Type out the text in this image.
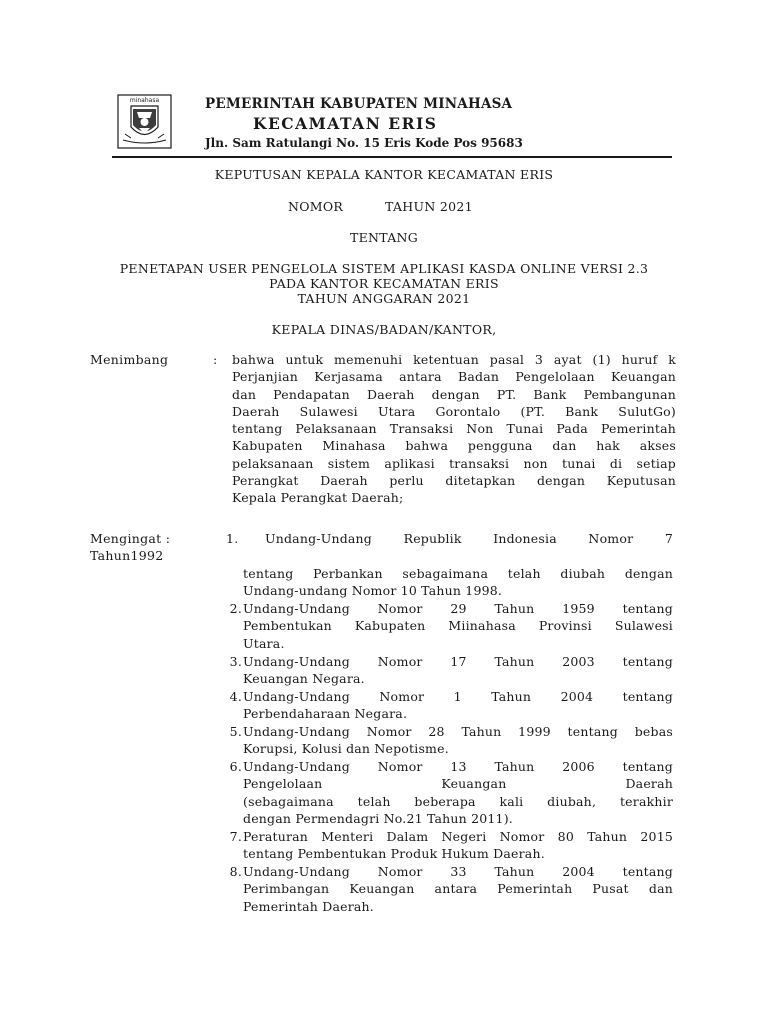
minahasa	PEMERINTAH KABUPATEN MINAHASA
KECAMATAN ERIS
Jln. Sam Ratulangi No. 15 Eris Kode Pos 95683
KEPUTUSAN KEPALA KANTOR KECAMATAN ERIS
NOMOR	TAHUN 2021
TENTANG
PENETAPAN USER PENGELOLA SISTEM APLIKASI KASDA ONLINE VERSI 2.3
PADA KANTOR KECAMATAN ERIS
TAHUN ANGGARAN 2021
KEPALA DINAS/BADAN/KANTOR,
Menimbang	: bahwa untuk memenuhi ketentuan pasal 3 ayat (1) huruf k
Perjanjian Kerjasama antara Badan Pengelolaan Keuangan
dan Pendapatan Daerah dengan PT. Bank Pembangunan
Daerah Sulawesi Utara Gorontalo (PT. Bank SulutGo)
tentang Pelaksanaan Transaksi Non Tunai Pada Pemerintah
Kabupaten Minahasa bahwa pengguna dan hak akses
pelaksanaan sistem aplikasi transaksi non tunai di setiap
Perangkat Daerah perlu ditetapkan dengan Keputusan
Kepala Perangkat Daerah;
Mengingat :
Tahun1992
1. Undang-Undang Republik Indonesia Nomor 7
tentang Perbankan sebagaimana telah diubah dengan
Undang-undang Nomor 10 Tahun 1998.
2. Undang-Undang Nomor 29 Tahun 1959 tentang
Pembentukan Kabupaten Miinahasa Provinsi Sulawesi
Utara.
3. Undang-Undang Nomor 17 Tahun 2003 tentang
Keuangan Negara.
4. Undang-Undang Nomor 1 Tahun 2004 tentang
Perbendaharaan Negara.
5. Undang-Undang Nomor 28 Tahun 1999 tentang bebas
Korupsi, Kolusi dan Nepotisme.
6. Undang-Undang Nomor 13 Tahun 2006 tentang
Pengelolaan Keuangan Daerah
(sebagaimana telah beberapa kali diubah, terakhir
dengan Permendagri No.21 Tahun 2011).
7. Peraturan Menteri Dalam Negeri Nomor 80 Tahun 2015
tentang Pembentukan Produk Hukum Daerah.
8. Undang-Undang Nomor 33 Tahun 2004 tentang
Perimbangan Keuangan antara Pemerintah Pusat dan
Pemerintah Daerah.
